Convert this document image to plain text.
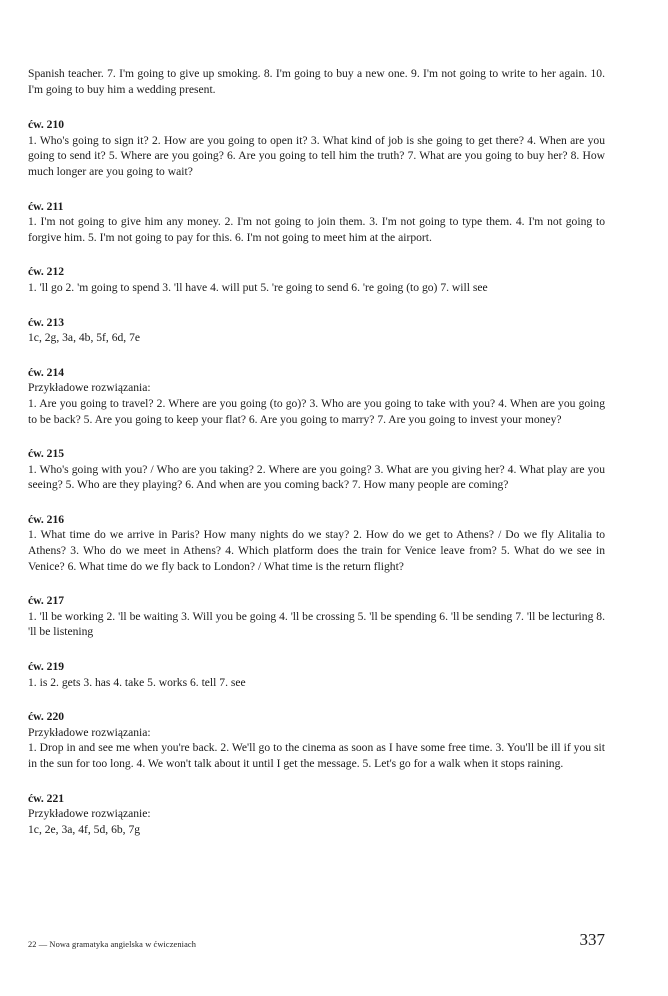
Spanish teacher. 7. I'm going to give up smoking. 8. I'm going to buy a new one. 9. I'm not going to write to her again. 10. I'm going to buy him a wedding present.

ćw. 210

1. Who's going to sign it? 2. How are you going to open it? 3. What kind of job is she going to get there? 4. When are you going to send it? 5. Where are you going? 6. Are you going to tell him the truth? 7. What are you going to buy her? 8. How much longer are you going to wait?

ćw. 211

1. I'm not going to give him any money. 2. I'm not going to join them. 3. I'm not going to type them. 4. I'm not going to forgive him. 5. I'm not going to pay for this. 6. I'm not going to meet him at the airport.

ćw. 212

1. 'll go 2. 'm going to spend 3. 'll have 4. will put 5. 're going to send 6. 're going (to go) 7. will see

ćw. 213

1c, 2g, 3a, 4b, 5f, 6d, 7e

ćw. 214

Przykładowe rozwiązania:

1. Are you going to travel? 2. Where are you going (to go)? 3. Who are you going to take with you? 4. When are you going to be back? 5. Are you going to keep your flat? 6. Are you going to marry? 7. Are you going to invest your money?

ćw. 215

1. Who's going with you? / Who are you taking? 2. Where are you going? 3. What are you giving her? 4. What play are you seeing? 5. Who are they playing? 6. And when are you coming back? 7. How many people are coming?

ćw. 216

1. What time do we arrive in Paris? How many nights do we stay? 2. How do we get to Athens? / Do we fly Alitalia to Athens? 3. Who do we meet in Athens? 4. Which platform does the train for Venice leave from? 5. What do we see in Venice? 6. What time do we fly back to London? / What time is the return flight?

ćw. 217

1. 'll be working 2. 'll be waiting 3. Will you be going 4. 'll be crossing 5. 'll be spending 6. 'll be sending 7. 'll be lecturing 8. 'll be listening

ćw. 219

1. is 2. gets 3. has 4. take 5. works 6. tell 7. see

ćw. 220

Przykładowe rozwiązania:

1. Drop in and see me when you're back. 2. We'll go to the cinema as soon as I have some free time. 3. You'll be ill if you sit in the sun for too long. 4. We won't talk about it until I get the message. 5. Let's go for a walk when it stops raining.

ćw. 221

Przykładowe rozwiązanie:

1c, 2e, 3a, 4f, 5d, 6b, 7g

22 — Nowa gramatyka angielska w ćwiczeniach	337
